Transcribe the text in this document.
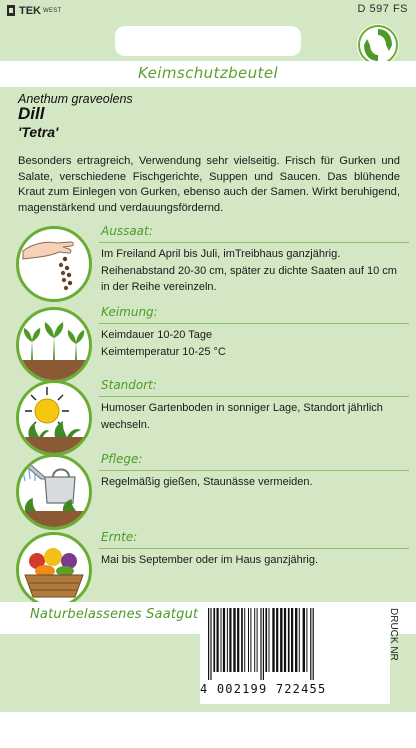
TEK WEST	D 597 FS
Keimschutzbeutel
Anethum graveolens
Dill
'Tetra'
Besonders ertragreich, Verwendung sehr vielseitig. Frisch für Gurken und Salate, verschiedene Fischgerichte, Suppen und Saucen. Das blühende Kraut zum Einlegen von Gurken, ebenso auch der Samen. Wirkt beruhigend, magenstärkend und verdauungsfördernd.
Aussaat:
Im Freiland April bis Juli, imTreibhaus ganzjährig. Reihenabstand 20-30 cm, später zu dichte Saaten auf 10 cm in der Reihe vereinzeln.
Keimung:
Keimdauer 10-20 Tage
Keimtemperatur 10-25 °C
Standort:
Humoser Gartenboden in sonniger Lage, Standort jährlich wechseln.
Pflege:
Regelmäßig gießen, Staunässe vermeiden.
Ernte:
Mai bis September oder im Haus ganzjährig.
Naturbelassenes Saatgut
4 002199 722455
DRUCK NR
